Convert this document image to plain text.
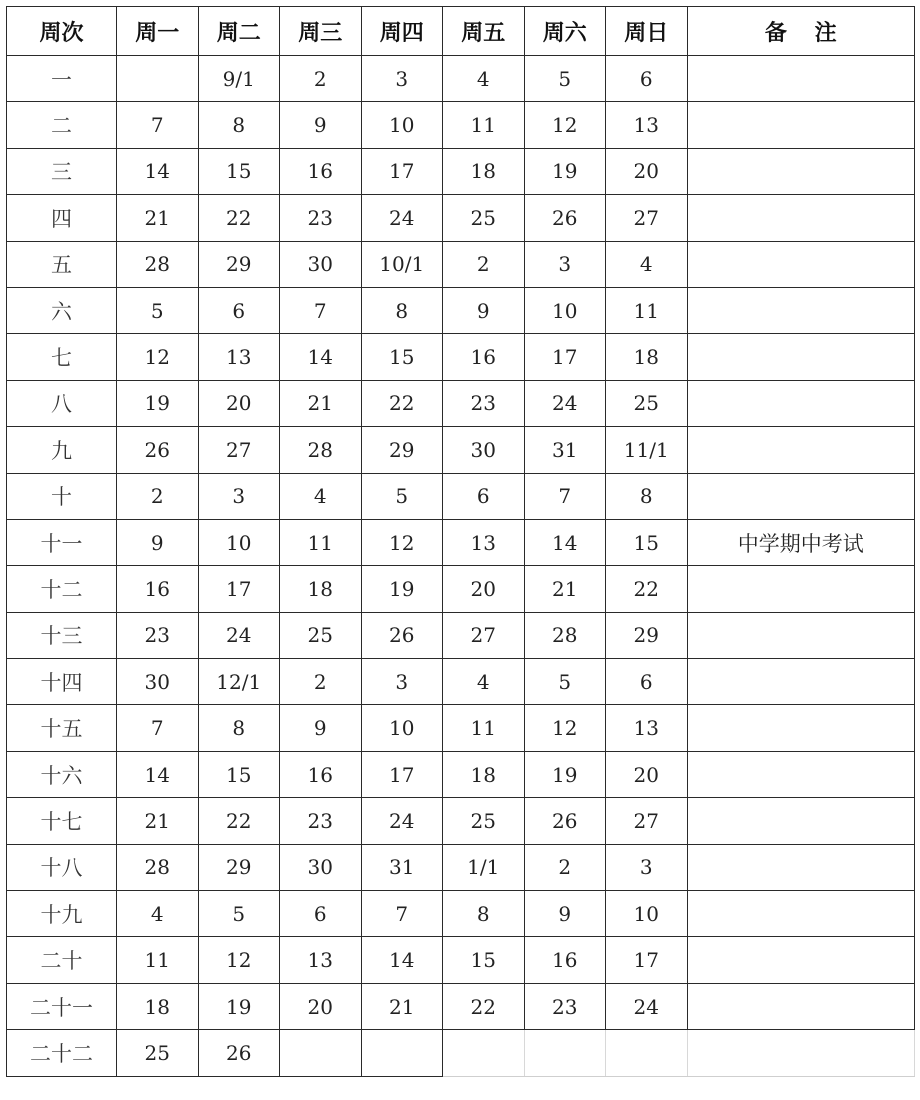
周次	周一	周二	周三	周四	周五	周六	周日	备 注
一		9/1	2	3	4	5	6	
二	7	8	9	10	11	12	13	
三	14	15	16	17	18	19	20	
四	21	22	23	24	25	26	27	
五	28	29	30	10/1	2	3	4	
六	5	6	7	8	9	10	11	
七	12	13	14	15	16	17	18	
八	19	20	21	22	23	24	25	
九	26	27	28	29	30	31	11/1	
十	2	3	4	5	6	7	8	
十一	9	10	11	12	13	14	15	中学期中考试
十二	16	17	18	19	20	21	22	
十三	23	24	25	26	27	28	29	
十四	30	12/1	2	3	4	5	6	
十五	7	8	9	10	11	12	13	
十六	14	15	16	17	18	19	20	
十七	21	22	23	24	25	26	27	
十八	28	29	30	31	1/1	2	3	
十九	4	5	6	7	8	9	10	
二十	11	12	13	14	15	16	17	
二十一	18	19	20	21	22	23	24	
二十二	25	26						
